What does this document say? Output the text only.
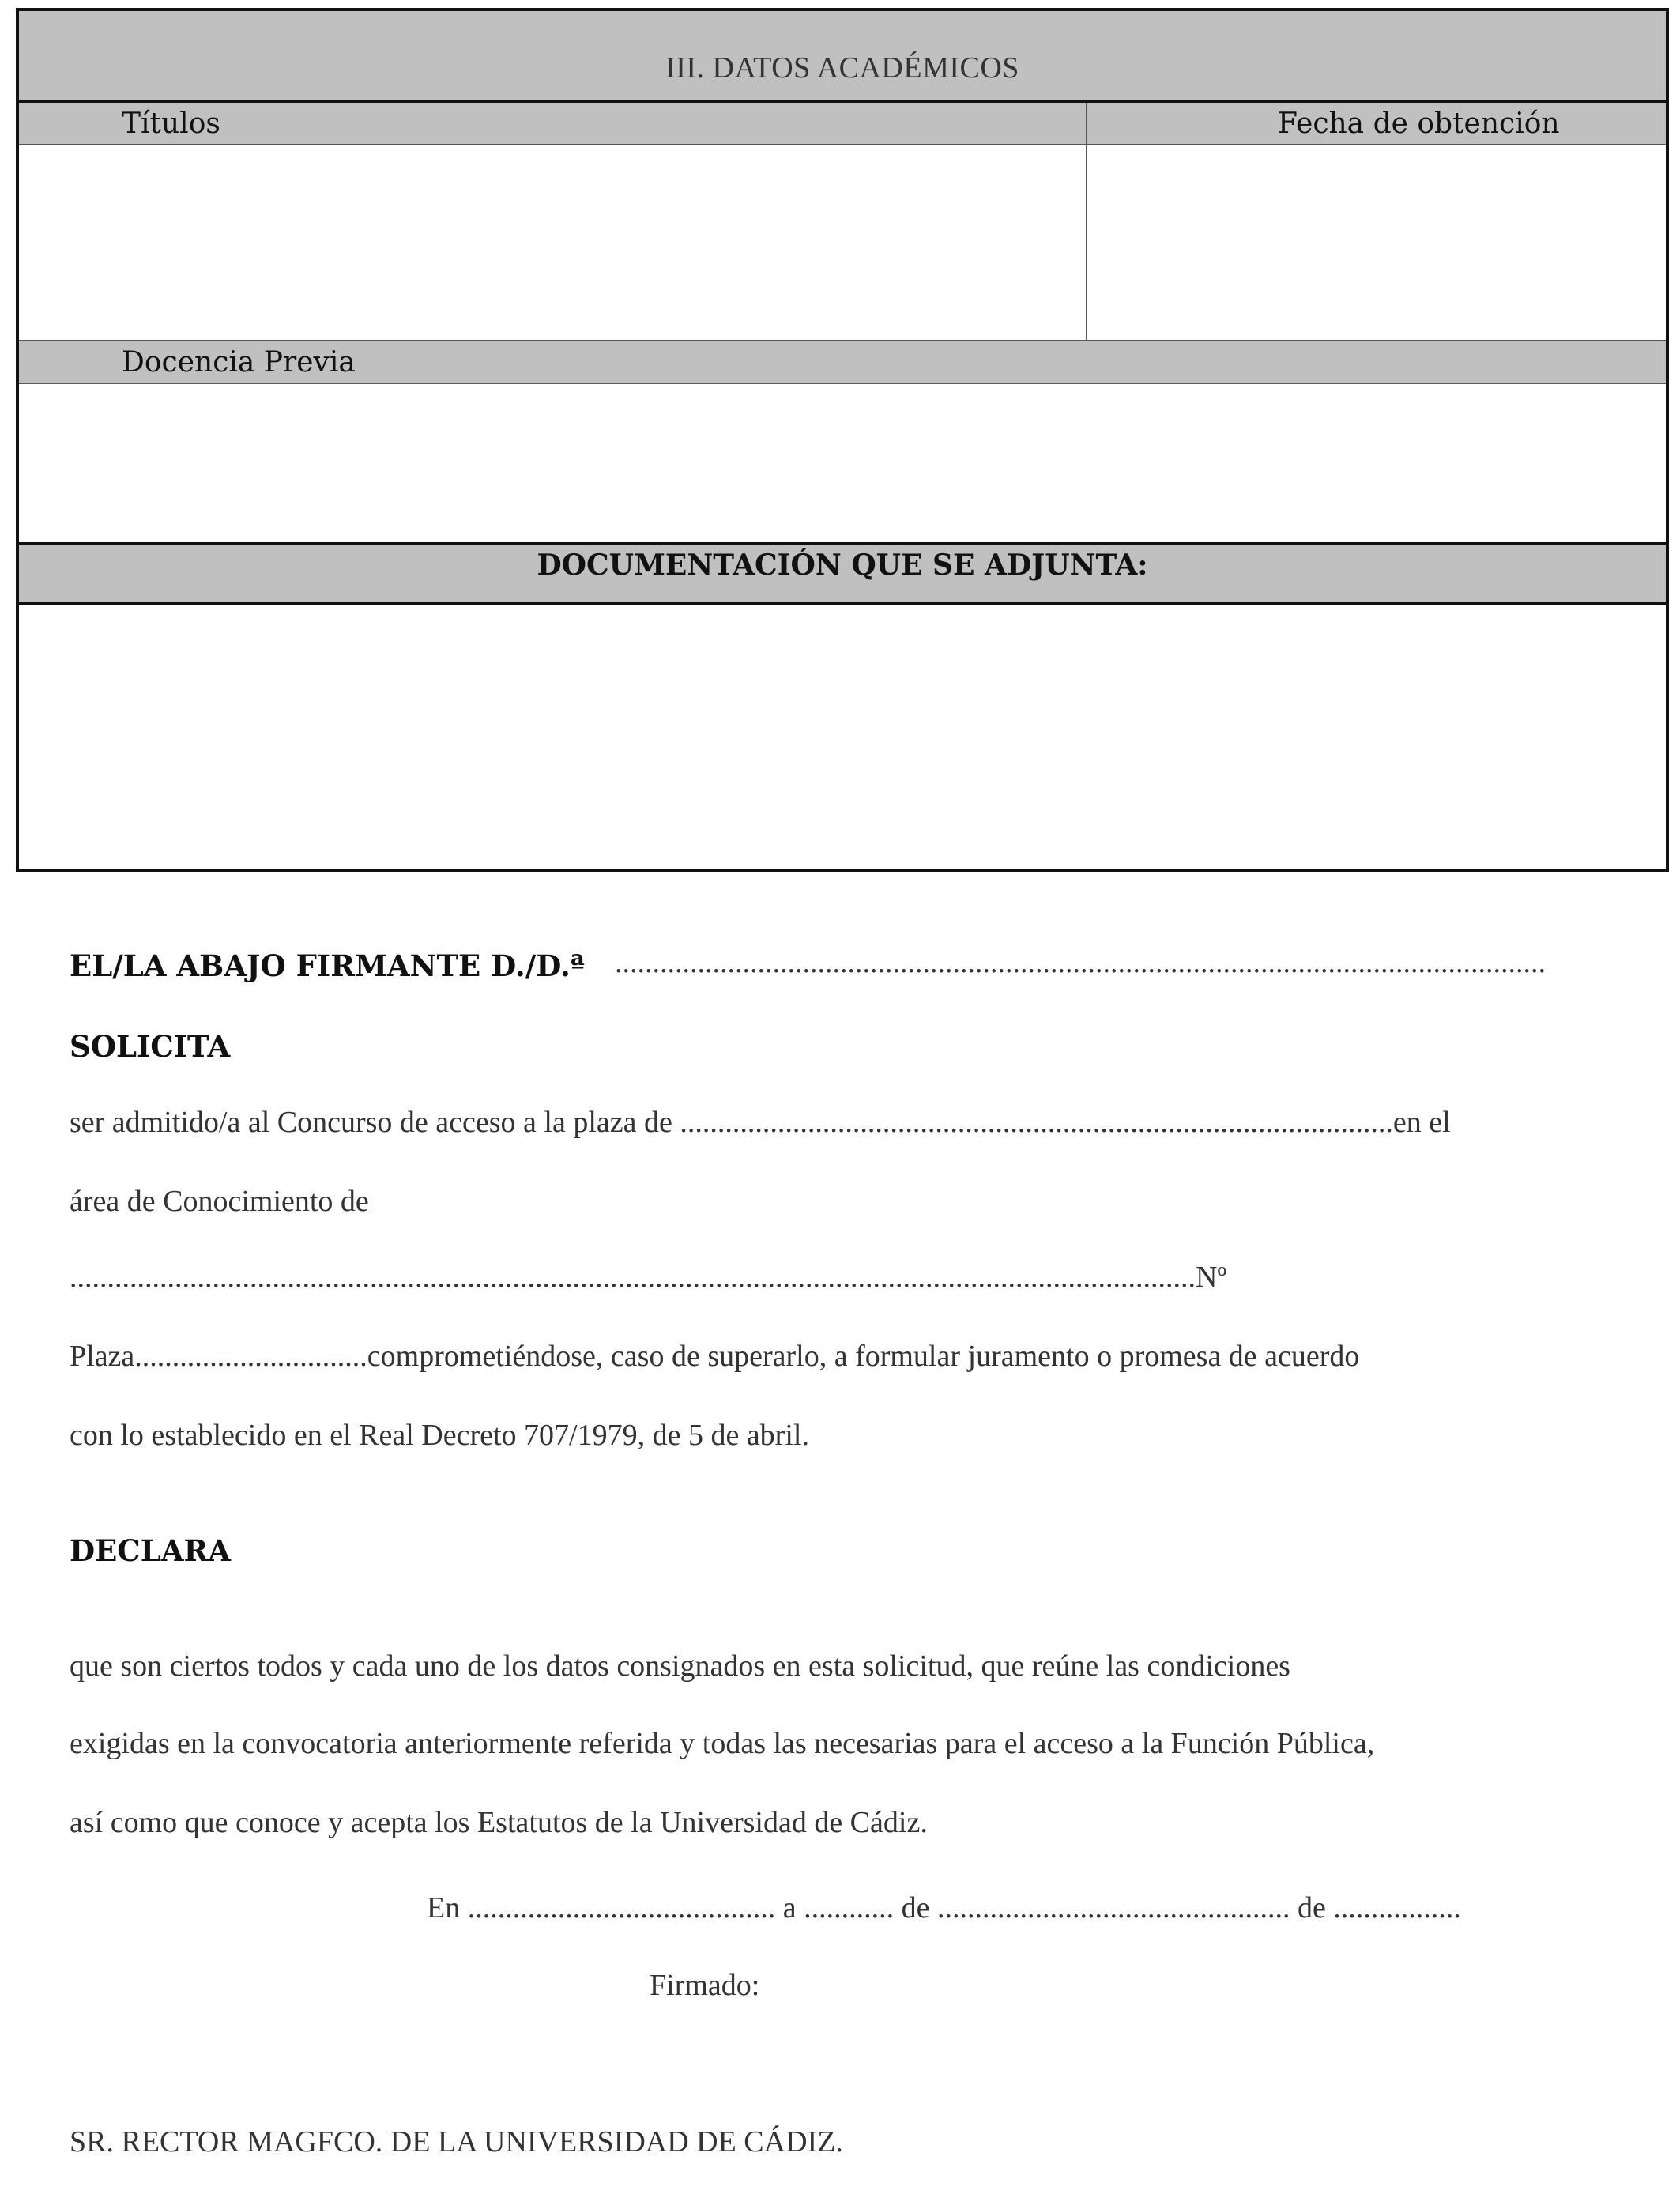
III. DATOS ACADÉMICOS
Títulos	Fecha de obtención
Docencia Previa
DOCUMENTACIÓN QUE SE ADJUNTA:
EL/LA ABAJO FIRMANTE D./D.ª ............................................................................................................................
SOLICITA
ser admitido/a al Concurso de acceso a la plaza de ...............................................................................................en el
área de Conocimiento de
......................................................................................................................................................Nº
Plaza...............................comprometiéndose, caso de superarlo, a formular juramento o promesa de acuerdo
con lo establecido en el Real Decreto 707/1979, de 5 de abril.
DECLARA
que son ciertos todos y cada uno de los datos consignados en esta solicitud, que reúne las condiciones
exigidas en la convocatoria anteriormente referida y todas las necesarias para el acceso a la Función Pública,
así como que conoce y acepta los Estatutos de la Universidad de Cádiz.
En ......................................... a ............ de ............................................... de .................
Firmado:
SR. RECTOR MAGFCO. DE LA UNIVERSIDAD DE CÁDIZ.
